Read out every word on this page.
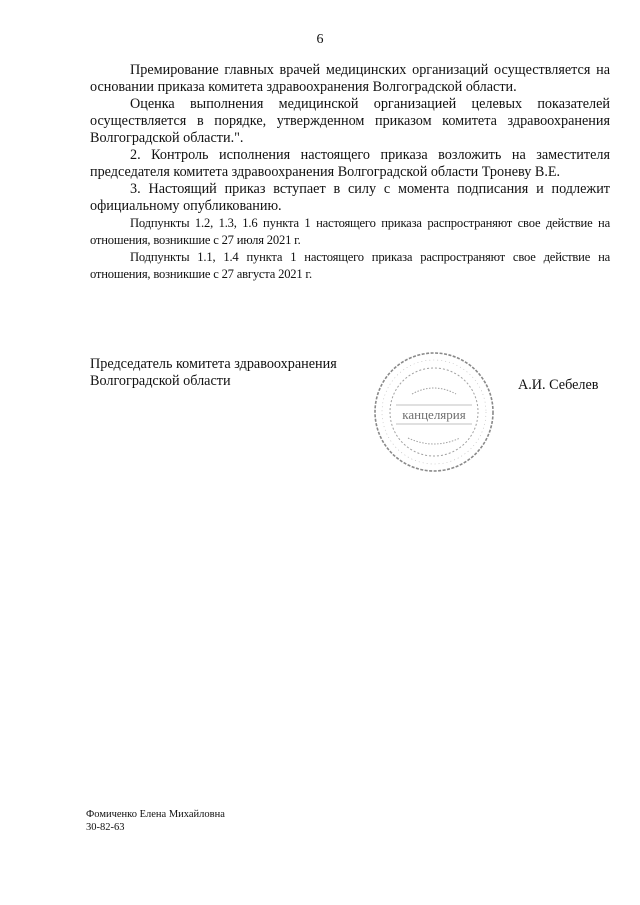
6

Премирование главных врачей медицинских организаций осуществляется на основании приказа комитета здравоохранения Волгоградской области.

Оценка выполнения медицинской организацией целевых показателей осуществляется в порядке, утвержденном приказом комитета здравоохранения Волгоградской области.".

2. Контроль исполнения настоящего приказа возложить на заместителя председателя комитета здравоохранения Волгоградской области Троневу В.Е.

3. Настоящий приказ вступает в силу с момента подписания и подлежит официальному опубликованию.

Подпункты 1.2, 1.3, 1.6 пункта 1 настоящего приказа распространяют свое действие на отношения, возникшие с 27 июля 2021 г.

Подпункты 1.1, 1.4 пункта 1 настоящего приказа распространяют свое действие на отношения, возникшие с 27 августа 2021 г.

Председатель комитета здравоохранения
Волгоградской области
канцелярия
А.И. Себелев
Фомиченко Елена Михайловна
30-82-63
